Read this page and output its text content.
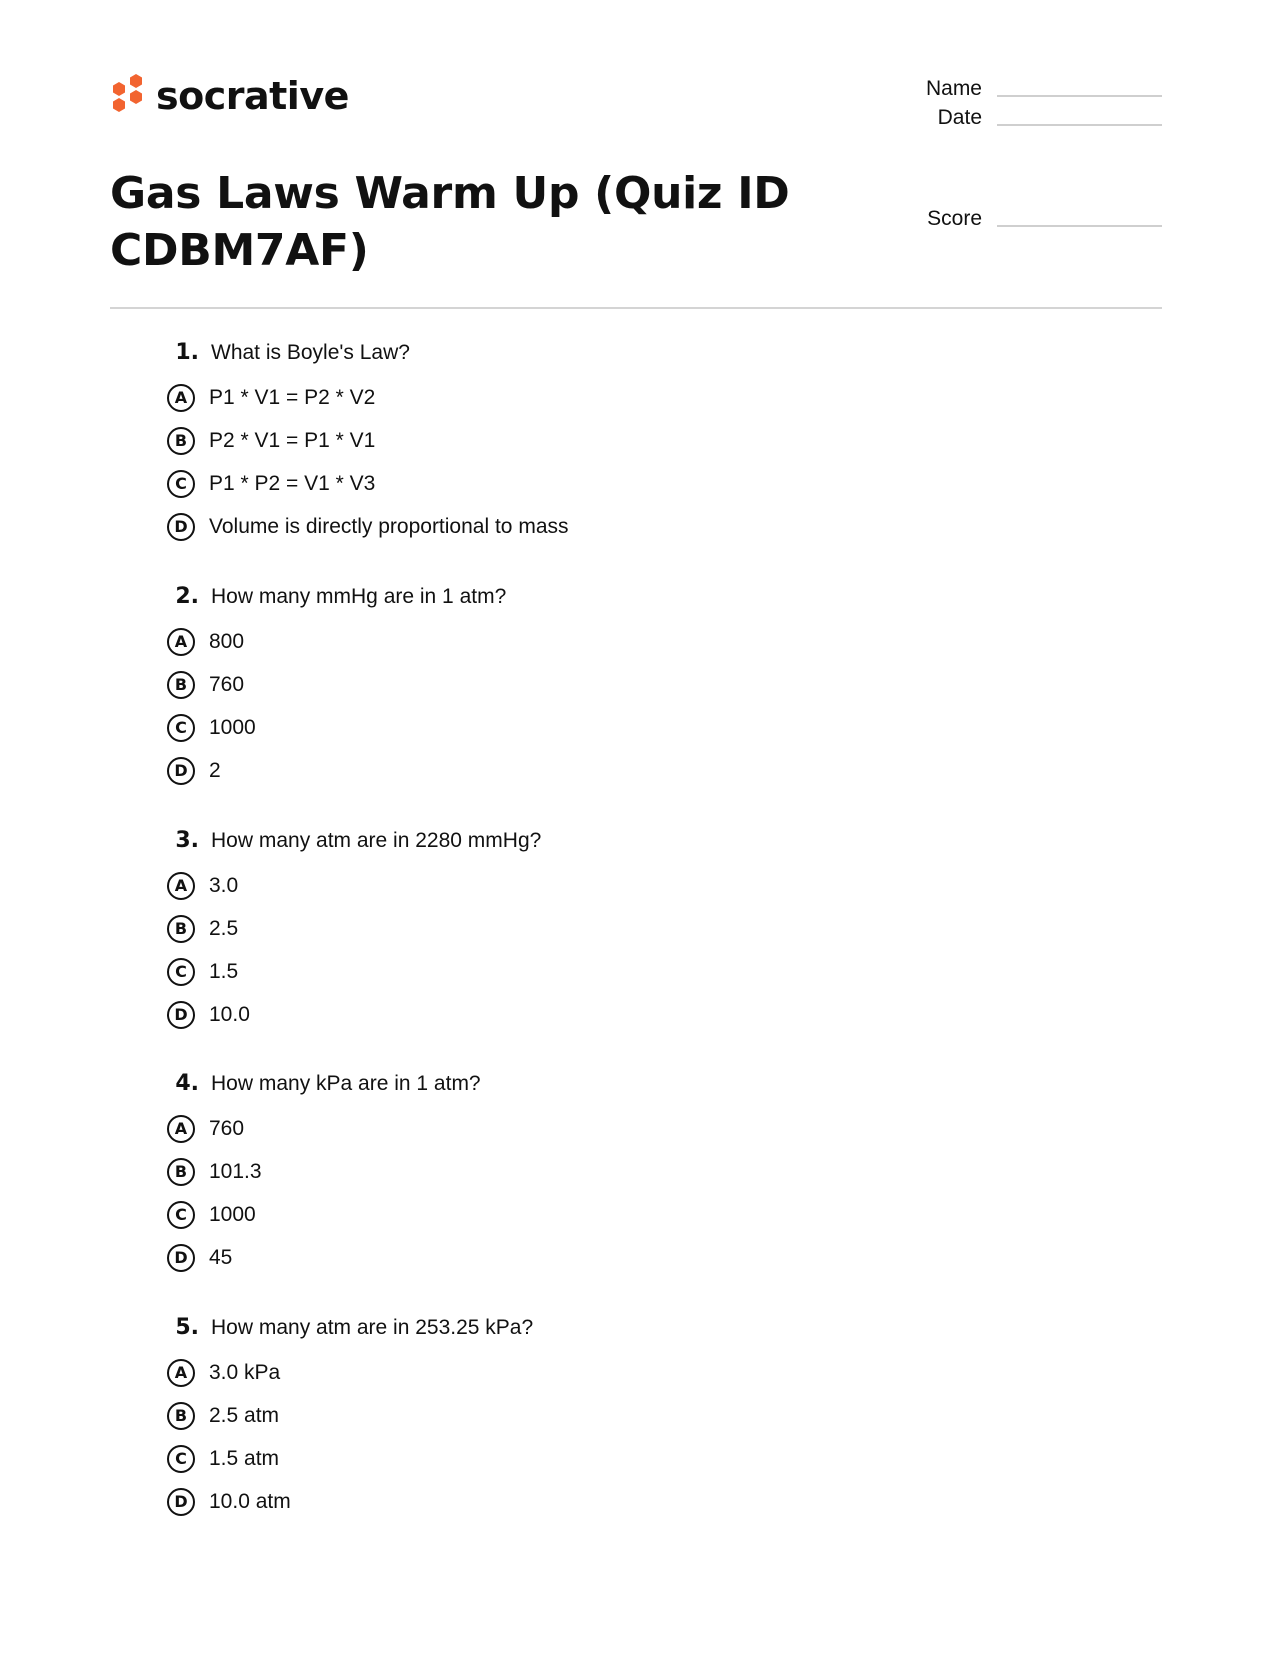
socrative	Name
Date
Score
Gas Laws Warm Up (Quiz ID CDBM7AF)
1. What is Boyle's Law?
A	P1 * V1 = P2 * V2
B	P2 * V1 = P1 * V1
C	P1 * P2 = V1 * V3
D	Volume is directly proportional to mass
2. How many mmHg are in 1 atm?
A	800
B	760
C	1000
D	2
3. How many atm are in 2280 mmHg?
A	3.0
B	2.5
C	1.5
D	10.0
4. How many kPa are in 1 atm?
A	760
B	101.3
C	1000
D	45
5. How many atm are in 253.25 kPa?
A	3.0 kPa
B	2.5 atm
C	1.5 atm
D	10.0 atm
